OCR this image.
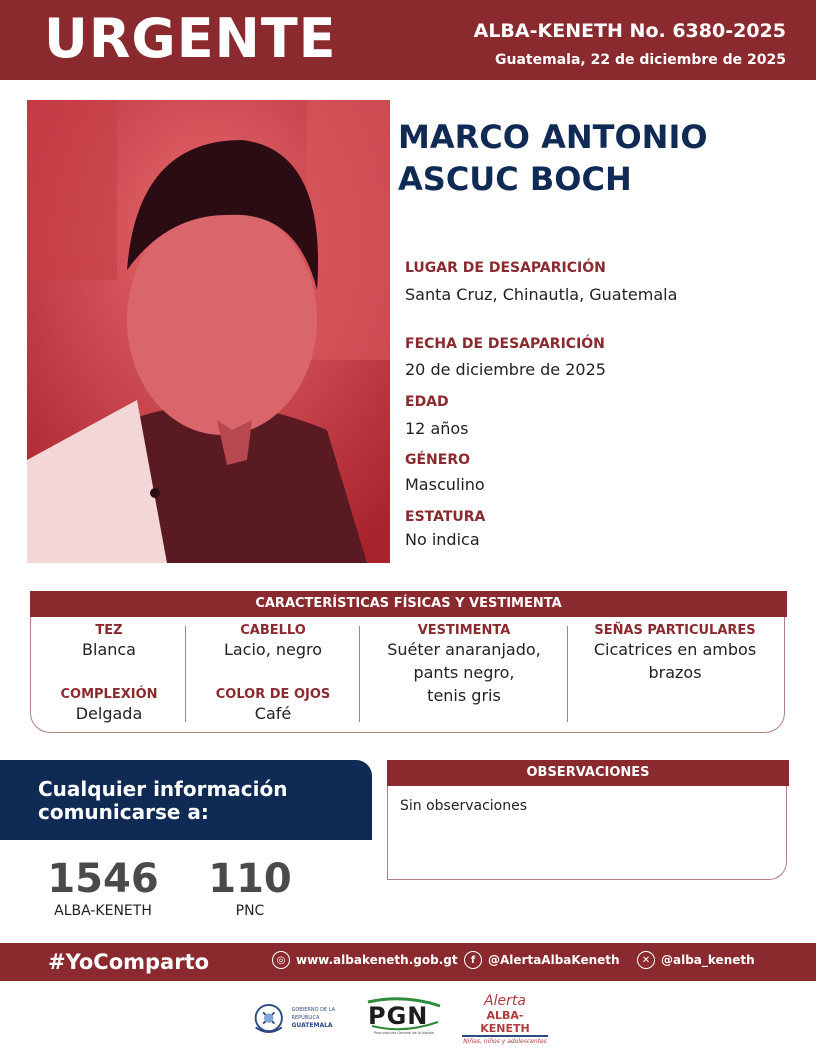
URGENTE	ALBA-KENETH No. 6380-2025
Guatemala, 22 de diciembre de 2025
MARCO ANTONIO
ASCUC BOCH
LUGAR DE DESAPARICIÓN
Santa Cruz, Chinautla, Guatemala
FECHA DE DESAPARICIÓN
20 de diciembre de 2025
EDAD
12 años
GÉNERO
Masculino
ESTATURA
No indica
CARACTERÍSTICAS FÍSICAS Y VESTIMENTA
TEZ
Blanca
COMPLEXIÓN
Delgada
CABELLO
Lacio, negro
COLOR DE OJOS
Café
VESTIMENTA
Suéter anaranjado,
pants negro,
tenis gris
SEÑAS PARTICULARES
Cicatrices en ambos
brazos
Cualquier información
comunicarse a:
1546
ALBA-KENETH
110
PNC
OBSERVACIONES
Sin observaciones
#YoComparto	◎ www.albakeneth.gob.gt	f	@AlertaAlbaKeneth	✕ @alba_keneth
GOBIERNO DE LA REPÚBLICA
GUATEMALA	PGN
Procuraduría General de la Nación
Alerta
ALBA-KENETH
Niñas, niños y adolescentes
